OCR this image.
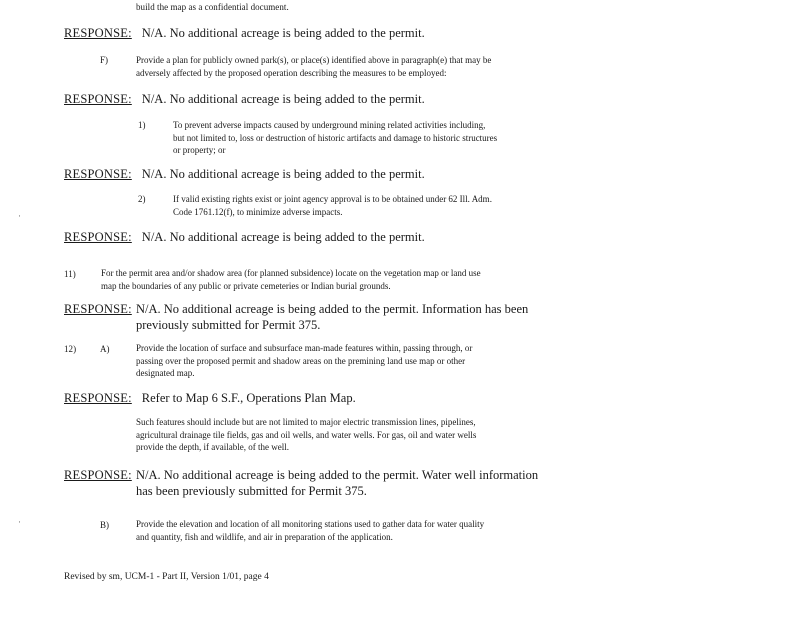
build the map as a confidential document.
RESPONSE: N/A. No additional acreage is being added to the permit.
F)	Provide a plan for publicly owned park(s), or place(s) identified above in paragraph(e) that may be
adversely affected by the proposed operation describing the measures to be employed:
RESPONSE: N/A. No additional acreage is being added to the permit.
1)	To prevent adverse impacts caused by underground mining related activities including,
but not limited to, loss or destruction of historic artifacts and damage to historic structures
or property; or
RESPONSE: N/A. No additional acreage is being added to the permit.
2)	If valid existing rights exist or joint agency approval is to be obtained under 62 Ill. Adm.
Code 1761.12(f), to minimize adverse impacts.
·
RESPONSE: N/A. No additional acreage is being added to the permit.
11)	For the permit area and/or shadow area (for planned subsidence) locate on the vegetation map or land use
map the boundaries of any public or private cemeteries or Indian burial grounds.
RESPONSE: N/A. No additional acreage is being added to the permit. Information has been
previously submitted for Permit 375.
12)	A)	Provide the location of surface and subsurface man-made features within, passing through, or
passing over the proposed permit and shadow areas on the premining land use map or other
designated map.
RESPONSE: Refer to Map 6 S.F., Operations Plan Map.
Such features should include but are not limited to major electric transmission lines, pipelines,
agricultural drainage tile fields, gas and oil wells, and water wells. For gas, oil and water wells
provide the depth, if available, of the well.
RESPONSE: N/A. No additional acreage is being added to the permit. Water well information
has been previously submitted for Permit 375.
·	B)	Provide the elevation and location of all monitoring stations used to gather data for water quality
and quantity, fish and wildlife, and air in preparation of the application.
Revised by sm, UCM-1 - Part II, Version 1/01, page 4
